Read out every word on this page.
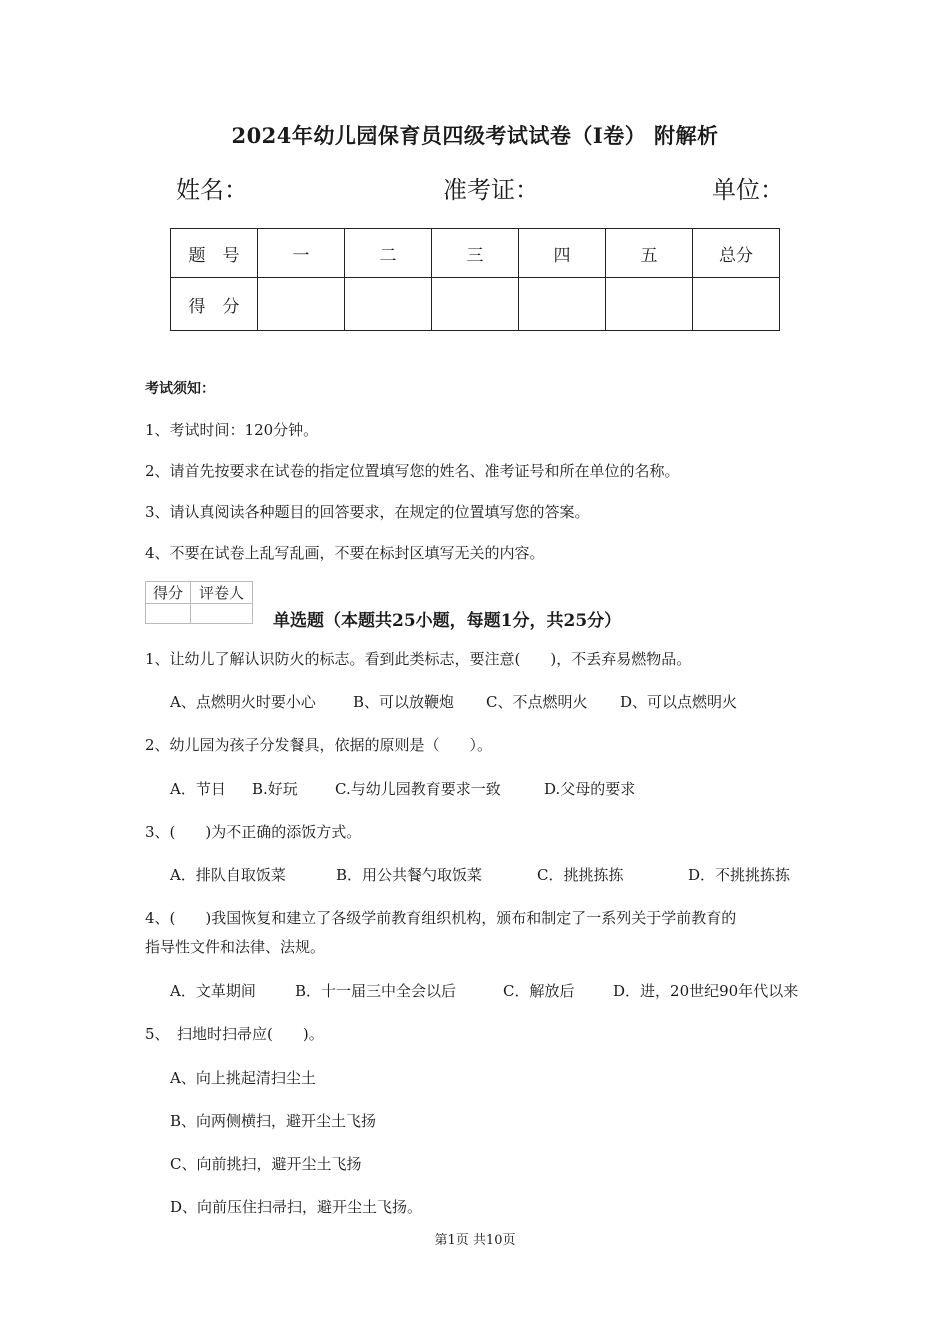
2024年幼儿园保育员四级考试试卷（I卷） 附解析
姓名：	准考证：	单位：
题　号	一	二	三	四	五	总分
得　分						
考试须知：
1、考试时间：120分钟。
2、请首先按要求在试卷的指定位置填写您的姓名、准考证号和所在单位的名称。
3、请认真阅读各种题目的回答要求，在规定的位置填写您的答案。
4、不要在试卷上乱写乱画，不要在标封区填写无关的内容。
得分	评卷人

单选题（本题共25小题，每题1分，共25分）
1、让幼儿了解认识防火的标志。看到此类标志，要注意(　　)，不丢弃易燃物品。
A、点燃明火时要小心 B、可以放鞭炮 C、不点燃明火 D、可以点燃明火
2、幼儿园为孩子分发餐具，依据的原则是（　　）。
A．节日 B.好玩 C.与幼儿园教育要求一致	D.父母的要求
3、(　　)为不正确的添饭方式。
A．排队自取饭菜	B．用公共餐勺取饭菜	C．挑挑拣拣	D．不挑挑拣拣
4、(　　)我国恢复和建立了各级学前教育组织机构，颁布和制定了一系列关于学前教育的
指导性文件和法律、法规。
A．文革期间	B．十一届三中全会以后	C．解放后	D．进，20世纪90年代以来
5、　扫地时扫帚应(　　)。
A、向上挑起清扫尘土
B、向两侧横扫，避开尘土飞扬
C、向前挑扫，避开尘土飞扬
D、向前压住扫帚扫，避开尘土飞扬。
第1页 共10页
